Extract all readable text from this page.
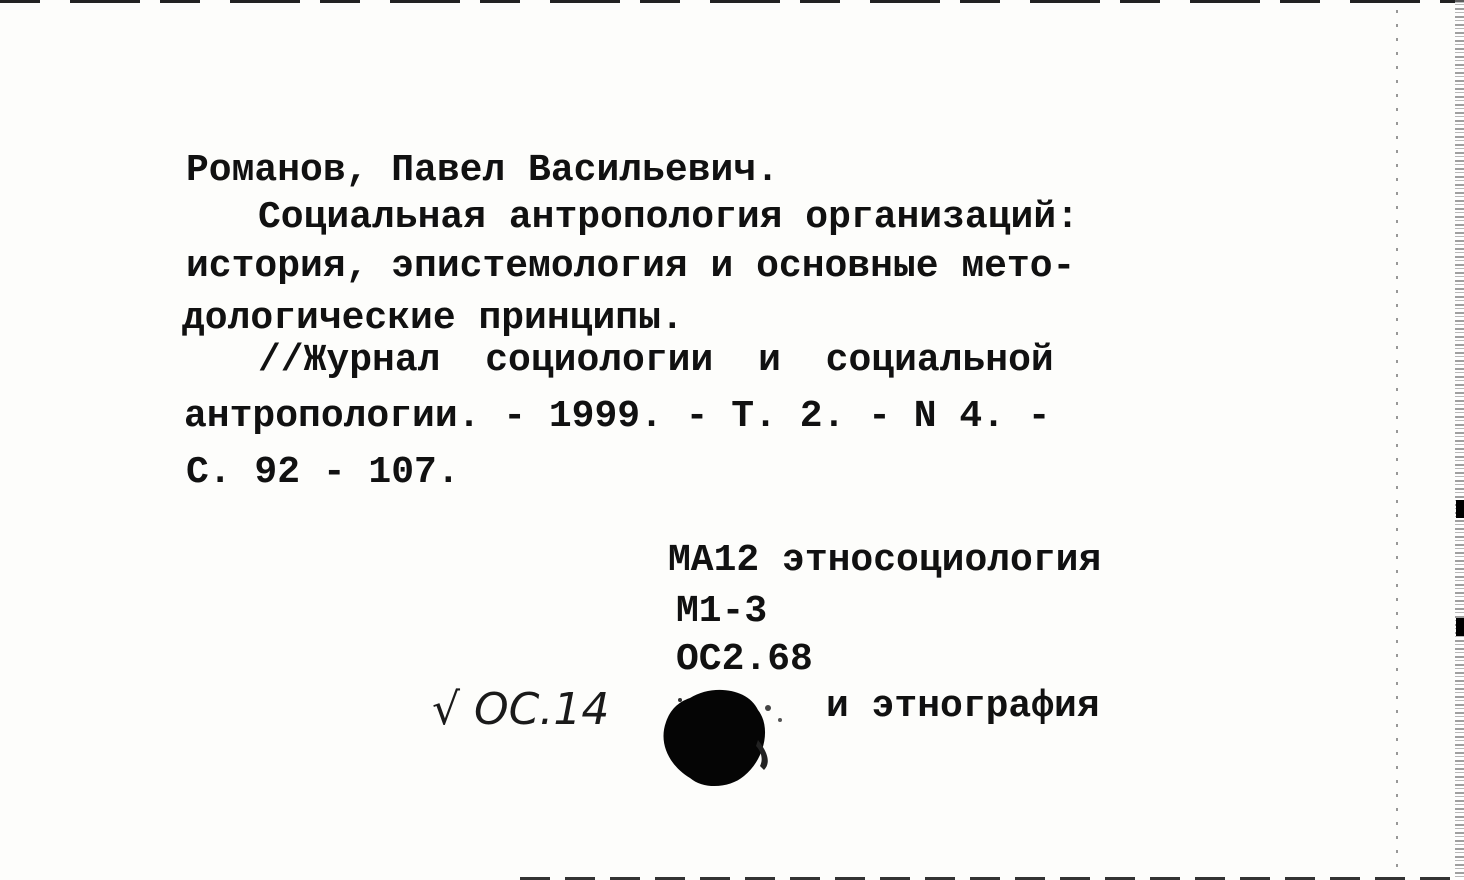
Романов, Павел Васильевич.

Социальная антропология организаций:

история, эпистемология и основные мето-

дологические принципы.

//Журнал социологии и социальной

антропологии. - 1999. - Т. 2. - N 4. -

С. 92 - 107.

МА12 этносоциология

М1-3

ОС2.68

и этнография

√ ОС.14
